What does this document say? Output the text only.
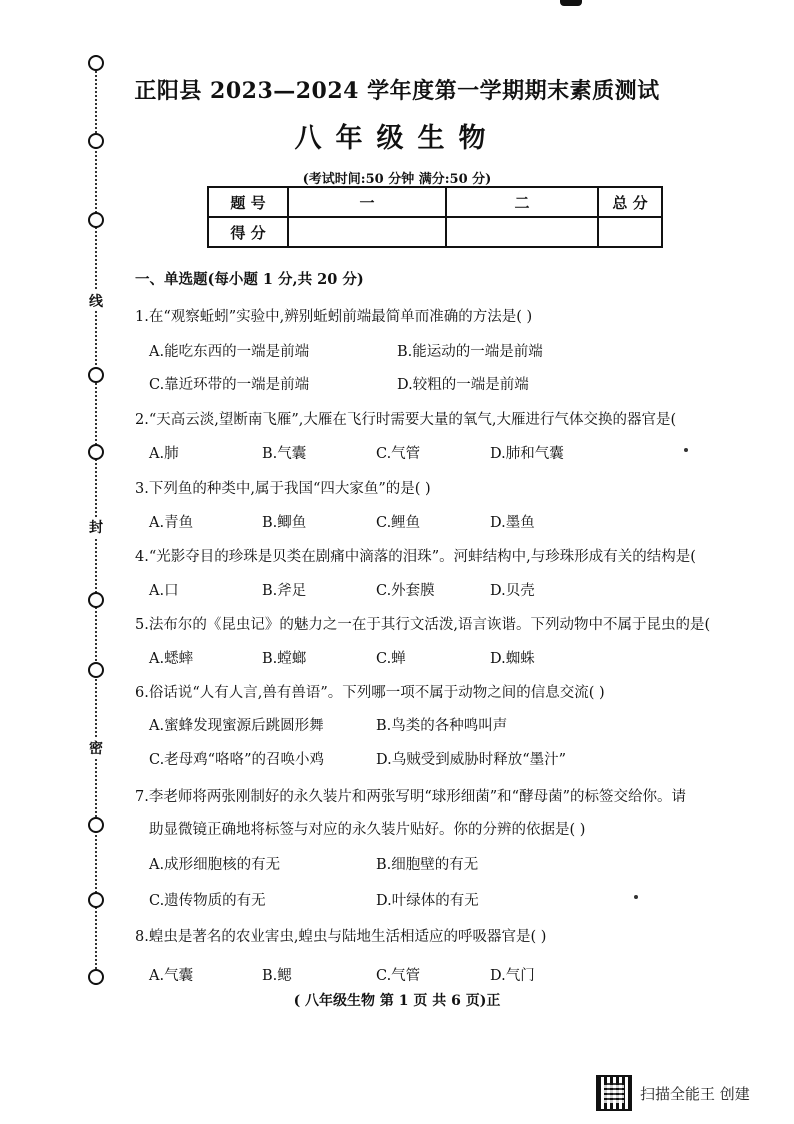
线
封
密
正阳县 2023—2024 学年度第一学期期末素质测试
八年级生物
(考试时间:50 分钟 满分:50 分)
题 号	一	二	总 分
得 分			
一、单选题(每小题 1 分,共 20 分)
1.在“观察蚯蚓”实验中,辨别蚯蚓前端最简单而准确的方法是( )
A.能吃东西的一端是前端	B.能运动的一端是前端
C.靠近环带的一端是前端	D.较粗的一端是前端
2.“天高云淡,望断南飞雁”,大雁在飞行时需要大量的氧气,大雁进行气体交换的器官是(
A.肺	B.气囊	C.气管	D.肺和气囊
3.下列鱼的种类中,属于我国“四大家鱼”的是( )
A.青鱼	B.鲫鱼	C.鲤鱼	D.墨鱼
4.“光影夺目的珍珠是贝类在剧痛中滴落的泪珠”。河蚌结构中,与珍珠形成有关的结构是(
A.口	B.斧足	C.外套膜	D.贝壳
5.法布尔的《昆虫记》的魅力之一在于其行文活泼,语言诙谐。下列动物中不属于昆虫的是(
A.蟋蟀	B.螳螂	C.蝉	D.蜘蛛
6.俗话说“人有人言,兽有兽语”。下列哪一项不属于动物之间的信息交流( )
A.蜜蜂发现蜜源后跳圆形舞	B.鸟类的各种鸣叫声
C.老母鸡“咯咯”的召唤小鸡	D.乌贼受到威胁时释放“墨汁”
7.李老师将两张刚制好的永久装片和两张写明“球形细菌”和“酵母菌”的标签交给你。请
助显微镜正确地将标签与对应的永久装片贴好。你的分辨的依据是( )
A.成形细胞核的有无	B.细胞壁的有无
C.遗传物质的有无	D.叶绿体的有无
8.蝗虫是著名的农业害虫,蝗虫与陆地生活相适应的呼吸器官是( )
A.气囊	B.鳃	C.气管	D.气门
( 八年级生物 第 1 页 共 6 页)正
扫描全能王 创建
